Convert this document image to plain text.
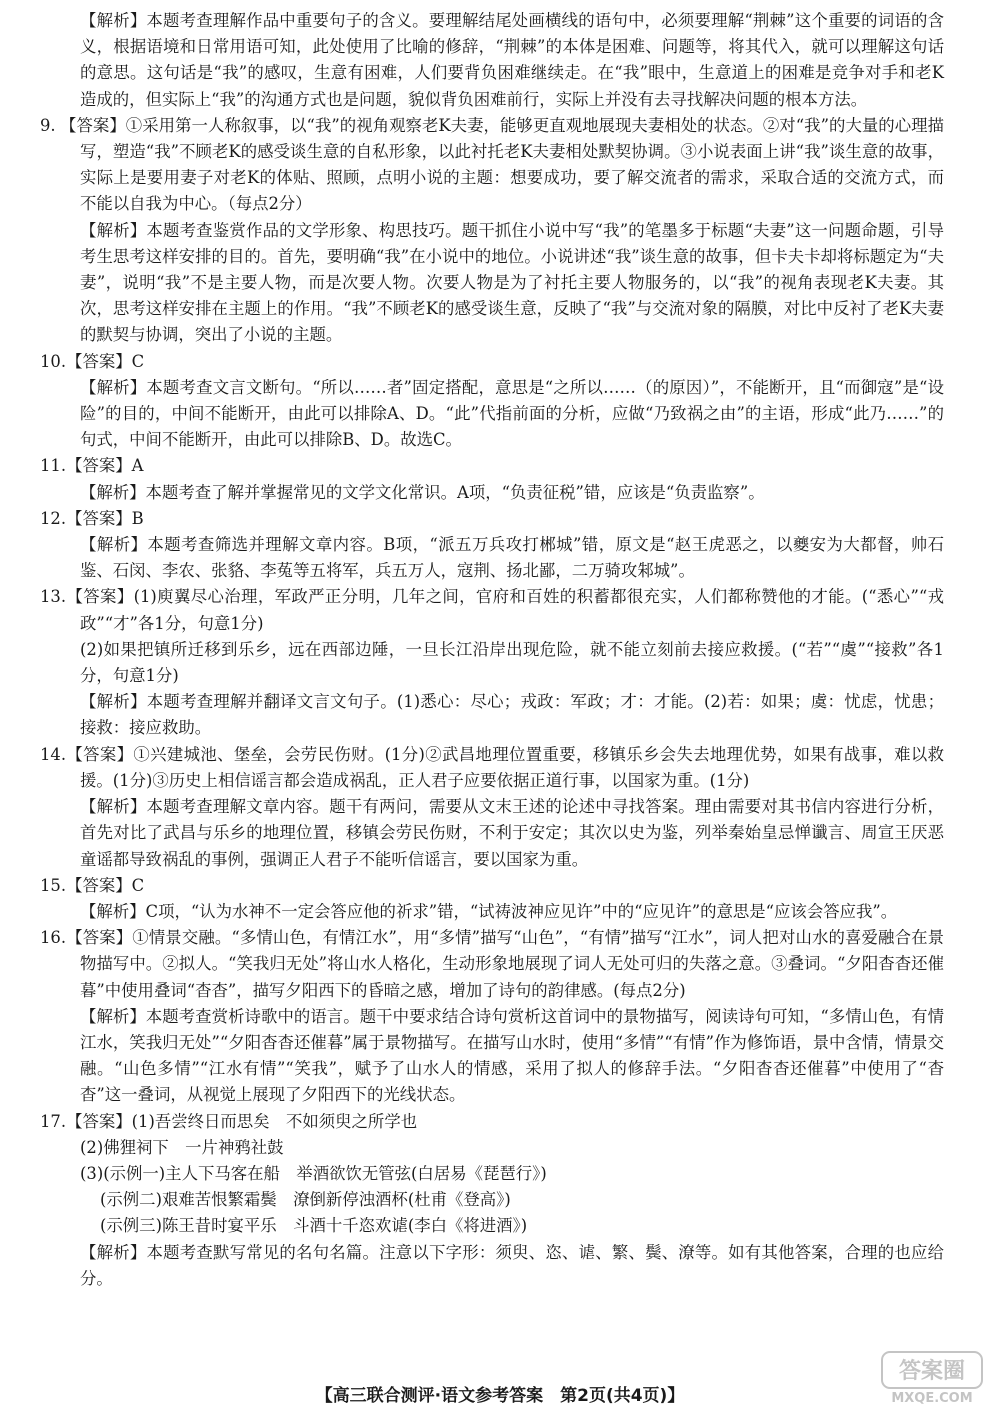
【解析】本题考查理解作品中重要句子的含义。要理解结尾处画横线的语句中，必须要理解“荆棘”这个重要的词语的含义，根据语境和日常用语可知，此处使用了比喻的修辞，“荆棘”的本体是困难、问题等，将其代入，就可以理解这句话的意思。这句话是“我”的感叹，生意有困难，人们要背负困难继续走。在“我”眼中，生意道上的困难是竞争对手和老K造成的，但实际上“我”的沟通方式也是问题，貌似背负困难前行，实际上并没有去寻找解决问题的根本方法。

9. 【答案】①采用第一人称叙事，以“我”的视角观察老K夫妻，能够更直观地展现夫妻相处的状态。②对“我”的大量的心理描写，塑造“我”不顾老K的感受谈生意的自私形象，以此衬托老K夫妻相处默契协调。③小说表面上讲“我”谈生意的故事，实际上是要用妻子对老K的体贴、照顾，点明小说的主题：想要成功，要了解交流者的需求，采取合适的交流方式，而不能以自我为中心。（每点2分）

【解析】本题考查鉴赏作品的文学形象、构思技巧。题干抓住小说中写“我”的笔墨多于标题“夫妻”这一问题命题，引导考生思考这样安排的目的。首先，要明确“我”在小说中的地位。小说讲述“我”谈生意的故事，但卡夫卡却将标题定为“夫妻”，说明“我”不是主要人物，而是次要人物。次要人物是为了衬托主要人物服务的，以“我”的视角表现老K夫妻。其次，思考这样安排在主题上的作用。“我”不顾老K的感受谈生意，反映了“我”与交流对象的隔膜，对比中反衬了老K夫妻的默契与协调，突出了小说的主题。

10.【答案】C

【解析】本题考查文言文断句。“所以……者”固定搭配，意思是“之所以……（的原因）”，不能断开，且“而御寇”是“设险”的目的，中间不能断开，由此可以排除A、D。“此”代指前面的分析，应做“乃致祸之由”的主语，形成“此乃……”的句式，中间不能断开，由此可以排除B、D。故选C。

11.【答案】A

【解析】本题考查了解并掌握常见的文学文化常识。A项，“负责征税”错，应该是“负责监察”。

12.【答案】B

【解析】本题考查筛选并理解文章内容。B项，“派五万兵攻打郴城”错，原文是“赵王虎恶之，以夔安为大都督，帅石鉴、石闵、李农、张貉、李菟等五将军，兵五万人，寇荆、扬北鄙，二万骑攻邾城”。

13.【答案】(1)庾翼尽心治理，军政严正分明，几年之间，官府和百姓的积蓄都很充实，人们都称赞他的才能。(“悉心”“戎政”“才”各1分，句意1分)

(2)如果把镇所迁移到乐乡，远在西部边陲，一旦长江沿岸出现危险，就不能立刻前去接应救援。(“若”“虞”“接救”各1分，句意1分)

【解析】本题考查理解并翻译文言文句子。(1)悉心：尽心；戎政：军政；才：才能。(2)若：如果；虞：忧虑，忧患；接救：接应救助。

14.【答案】①兴建城池、堡垒，会劳民伤财。(1分)②武昌地理位置重要，移镇乐乡会失去地理优势，如果有战事，难以救援。(1分)③历史上相信谣言都会造成祸乱，正人君子应要依据正道行事，以国家为重。(1分)

【解析】本题考查理解文章内容。题干有两问，需要从文末王述的论述中寻找答案。理由需要对其书信内容进行分析，首先对比了武昌与乐乡的地理位置，移镇会劳民伤财，不利于安定；其次以史为鉴，列举秦始皇忌惮谶言、周宣王厌恶童谣都导致祸乱的事例，强调正人君子不能听信谣言，要以国家为重。

15.【答案】C

【解析】C项，“认为水神不一定会答应他的祈求”错，“试祷波神应见许”中的“应见许”的意思是“应该会答应我”。

16.【答案】①情景交融。“多情山色，有情江水”，用“多情”描写“山色”，“有情”描写“江水”，词人把对山水的喜爱融合在景物描写中。②拟人。“笑我归无处”将山水人格化，生动形象地展现了词人无处可归的失落之意。③叠词。“夕阳杳杳还催暮”中使用叠词“杳杳”，描写夕阳西下的昏暗之感，增加了诗句的韵律感。(每点2分)

【解析】本题考查赏析诗歌中的语言。题干中要求结合诗句赏析这首词中的景物描写，阅读诗句可知，“多情山色，有情江水，笑我归无处”“夕阳杳杳还催暮”属于景物描写。在描写山水时，使用“多情”“有情”作为修饰语，景中含情，情景交融。“山色多情”“江水有情”“笑我”，赋予了山水人的情感，采用了拟人的修辞手法。“夕阳杳杳还催暮”中使用了“杳杳”这一叠词，从视觉上展现了夕阳西下的光线状态。

17.【答案】(1)吾尝终日而思矣　不如须臾之所学也

(2)佛狸祠下　一片神鸦社鼓

(3)(示例一)主人下马客在船　举酒欲饮无管弦(白居易《琵琶行》)

(示例二)艰难苦恨繁霜鬓　潦倒新停浊酒杯(杜甫《登高》)

(示例三)陈王昔时宴平乐　斗酒十千恣欢谑(李白《将进酒》)

【解析】本题考查默写常见的名句名篇。注意以下字形：须臾、恣、谑、繁、鬓、潦等。如有其他答案，合理的也应给分。

【高三联合测评·语文参考答案　第2页(共4页)】
答案圈
MXQE.COM
